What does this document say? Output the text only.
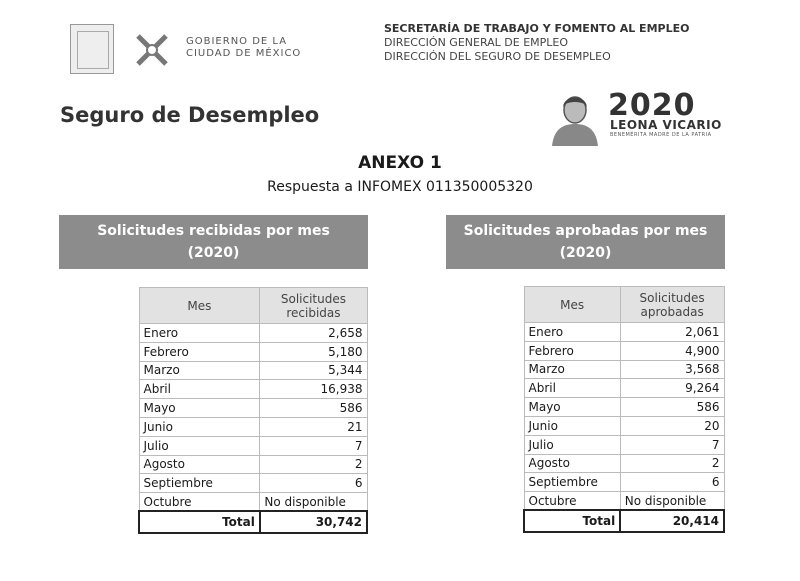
GOBIERNO DE LA
CIUDAD DE MÉXICO
SECRETARÍA DE TRABAJO Y FOMENTO AL EMPLEO
DIRECCIÓN GENERAL DE EMPLEO
DIRECCIÓN DEL SEGURO DE DESEMPLEO
Seguro de Desempleo	2020
LEONA VICARIO
BENEMÉRITA MADRE DE LA PATRIA
ANEXO 1
Respuesta a INFOMEX 011350005320
Solicitudes recibidas por mes
(2020)
Mes	Solicitudes
recibidas

Enero	2,658
Febrero	5,180
Marzo	5,344
Abril	16,938
Mayo	586
Junio	21
Julio	7
Agosto	2
Septiembre	6
Octubre	No disponible
Total	30,742
Solicitudes aprobadas por mes
(2020)
Mes	Solicitudes
aprobadas

Enero	2,061
Febrero	4,900
Marzo	3,568
Abril	9,264
Mayo	586
Junio	20
Julio	7
Agosto	2
Septiembre	6
Octubre	No disponible
Total	20,414
